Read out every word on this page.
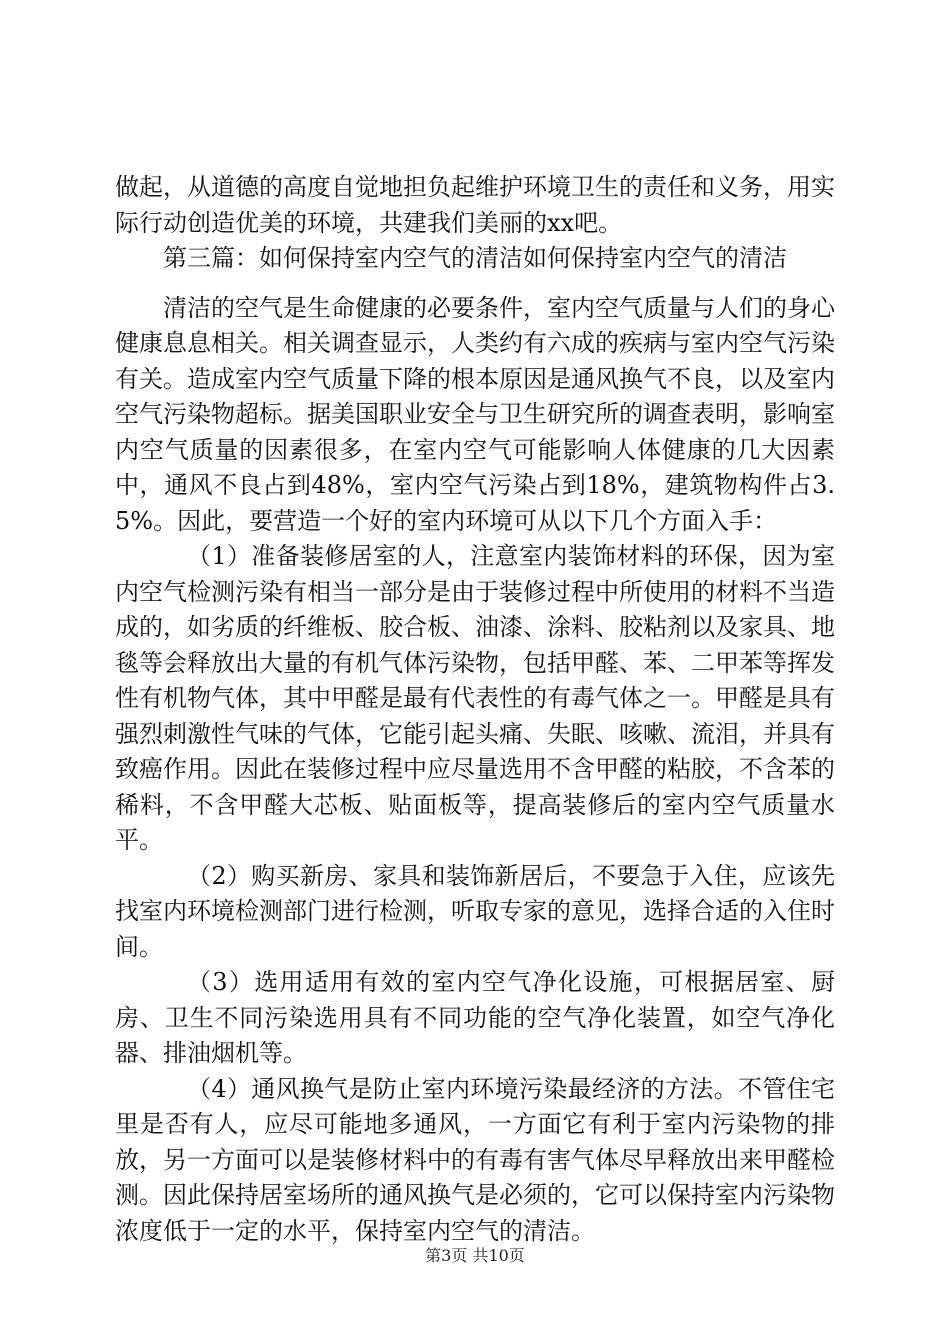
做起，从道德的高度自觉地担负起维护环境卫生的责任和义务，用实际行动创造优美的环境，共建我们美丽的xx吧。

第三篇：如何保持室内空气的清洁如何保持室内空气的清洁

清洁的空气是生命健康的必要条件，室内空气质量与人们的身心健康息息相关。相关调查显示，人类约有六成的疾病与室内空气污染有关。造成室内空气质量下降的根本原因是通风换气不良，以及室内空气污染物超标。据美国职业安全与卫生研究所的调查表明，影响室内空气质量的因素很多，在室内空气可能影响人体健康的几大因素中，通风不良占到48%，室内空气污染占到18%，建筑物构件占3.5%。因此，要营造一个好的室内环境可从以下几个方面入手：

（1）准备装修居室的人，注意室内装饰材料的环保，因为室内空气检测污染有相当一部分是由于装修过程中所使用的材料不当造成的，如劣质的纤维板、胶合板、油漆、涂料、胶粘剂以及家具、地毯等会释放出大量的有机气体污染物，包括甲醛、苯、二甲苯等挥发性有机物气体，其中甲醛是最有代表性的有毒气体之一。甲醛是具有强烈刺激性气味的气体，它能引起头痛、失眠、咳嗽、流泪，并具有致癌作用。因此在装修过程中应尽量选用不含甲醛的粘胶，不含苯的稀料，不含甲醛大芯板、贴面板等，提高装修后的室内空气质量水平。

（2）购买新房、家具和装饰新居后，不要急于入住，应该先找室内环境检测部门进行检测，听取专家的意见，选择合适的入住时间。

（3）选用适用有效的室内空气净化设施，可根据居室、厨房、卫生不同污染选用具有不同功能的空气净化装置，如空气净化器、排油烟机等。

（4）通风换气是防止室内环境污染最经济的方法。不管住宅里是否有人，应尽可能地多通风，一方面它有利于室内污染物的排放，另一方面可以是装修材料中的有毒有害气体尽早释放出来甲醛检测。因此保持居室场所的通风换气是必须的，它可以保持室内污染物浓度低于一定的水平，保持室内空气的清洁。

第3页 共10页
